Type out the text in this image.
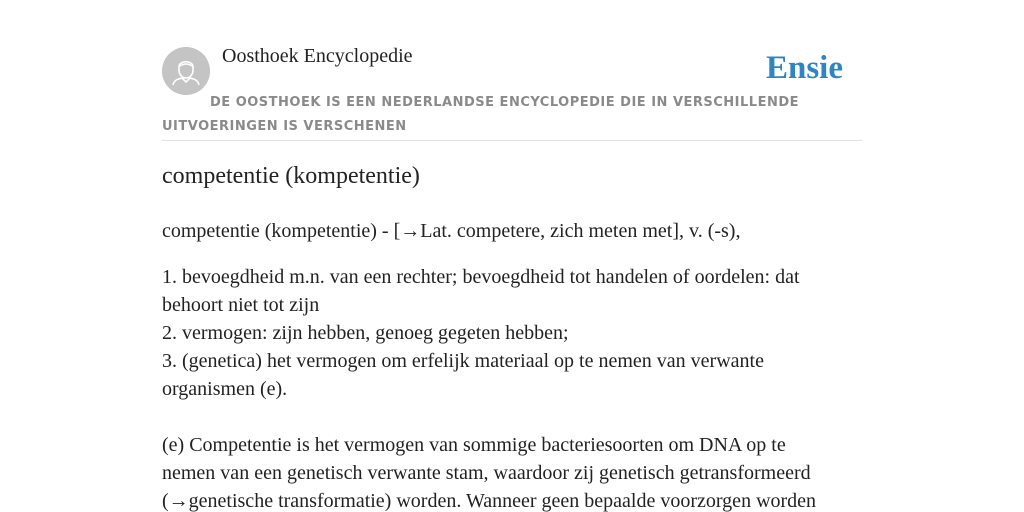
Oosthoek Encyclopedie	Ensie
DE OOSTHOEK IS EEN NEDERLANDSE ENCYCLOPEDIE DIE IN VERSCHILLENDE UITVOERINGEN IS VERSCHENEN
competentie (kompetentie)
competentie (kompetentie) - [→Lat. competere, zich meten met], v. (-s),
1. bevoegdheid m.n. van een rechter; bevoegdheid tot handelen of oordelen: dat
behoort niet tot zijn
2. vermogen: zijn hebben, genoeg gegeten hebben;
3. (genetica) het vermogen om erfelijk materiaal op te nemen van verwante
organismen (e).
(e) Competentie is het vermogen van sommige bacteriesoorten om DNA op te
nemen van een genetisch verwante stam, waardoor zij genetisch getransformeerd
(→genetische transformatie) worden. Wanneer geen bepaalde voorzorgen worden
